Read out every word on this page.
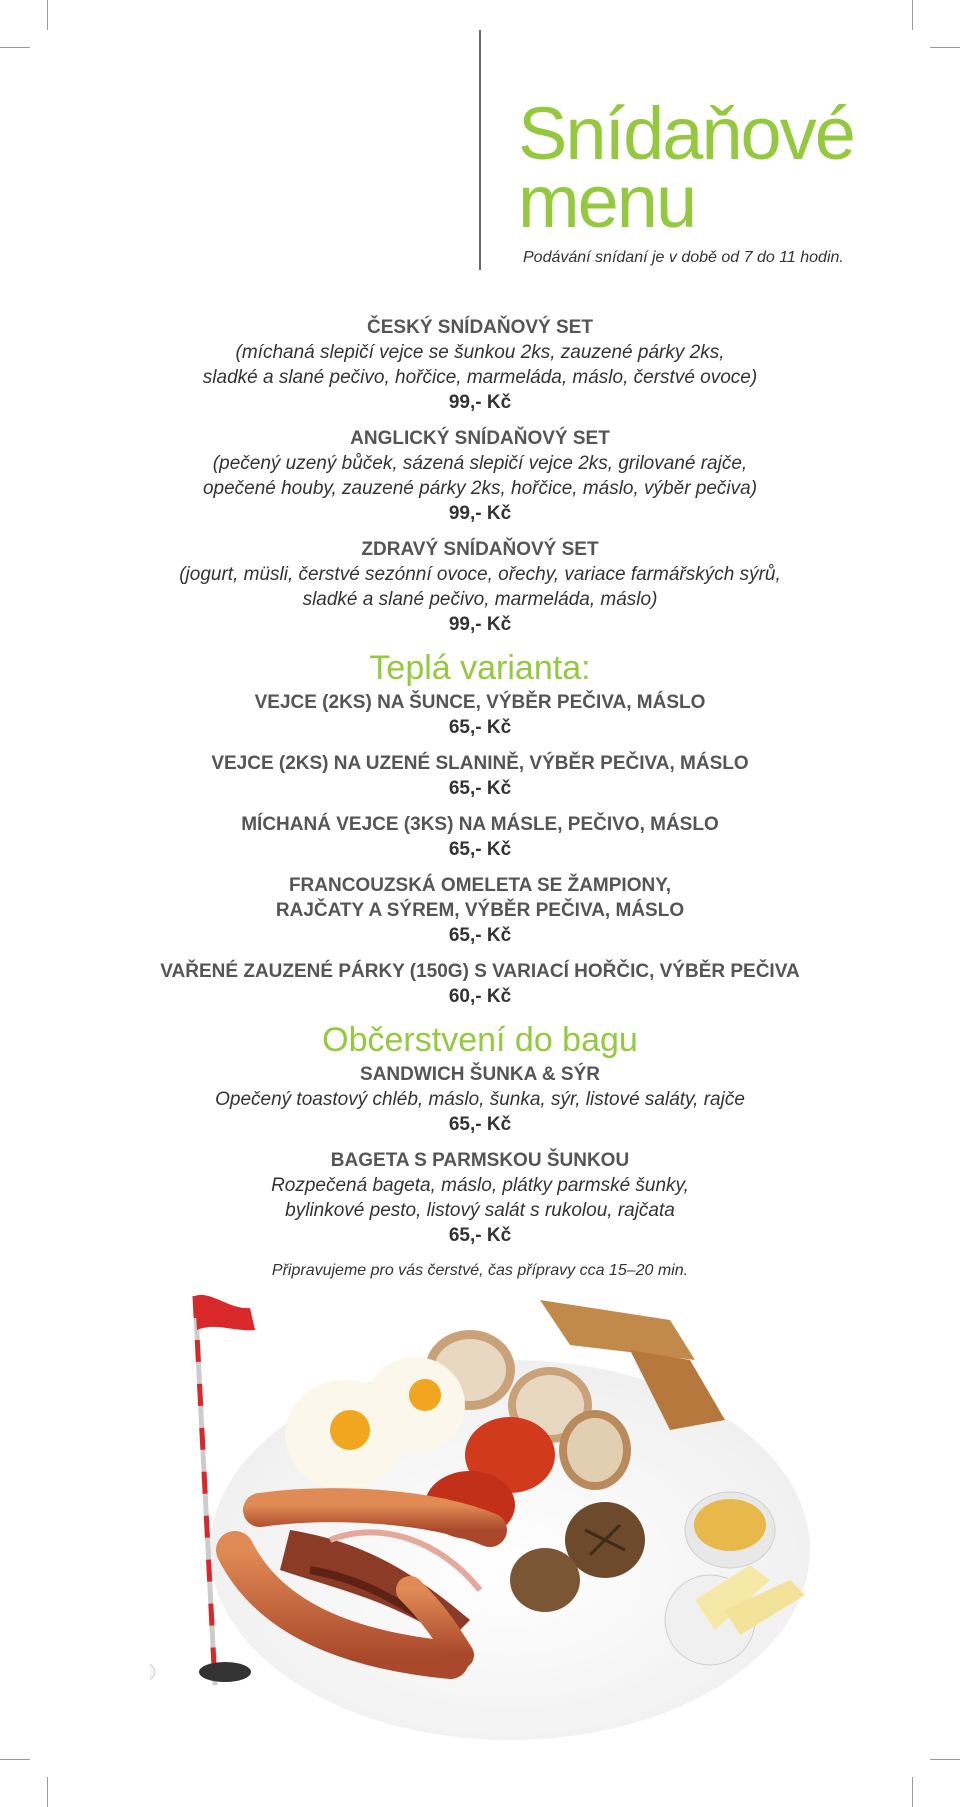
Snídaňové
menu

Podávání snídaní je v době od 7 do 11 hodin.

ČESKÝ SNÍDAŇOVÝ SET
(míchaná slepičí vejce se šunkou 2ks, zauzené párky 2ks,
sladké a slané pečivo, hořčice, marmeláda, máslo, čerstvé ovoce)
99,- Kč
ANGLICKÝ SNÍDAŇOVÝ SET
(pečený uzený bůček, sázená slepičí vejce 2ks, grilované rajče,
opečené houby, zauzené párky 2ks, hořčice, máslo, výběr pečiva)
99,- Kč
ZDRAVÝ SNÍDAŇOVÝ SET
(jogurt, müsli, čerstvé sezónní ovoce, ořechy, variace farmářských sýrů,
sladké a slané pečivo, marmeláda, máslo)
99,- Kč
Teplá varianta:
VEJCE (2KS) NA ŠUNCE, VÝBĚR PEČIVA, MÁSLO
65,- Kč
VEJCE (2KS) NA UZENÉ SLANINĚ, VÝBĚR PEČIVA, MÁSLO
65,- Kč
MÍCHANÁ VEJCE (3KS) NA MÁSLE, PEČIVO, MÁSLO
65,- Kč
FRANCOUZSKÁ OMELETA SE ŽAMPIONY,
RAJČATY A SÝREM, VÝBĚR PEČIVA, MÁSLO
65,- Kč
VAŘENÉ ZAUZENÉ PÁRKY (150G) S VARIACÍ HOŘČIC, VÝBĚR PEČIVA
60,- Kč
Občerstvení do bagu
SANDWICH ŠUNKA & SÝR
Opečený toastový chléb, máslo, šunka, sýr, listové saláty, rajče
65,- Kč
BAGETA S PARMSKOU ŠUNKOU
Rozpečená bageta, máslo, plátky parmské šunky,
bylinkové pesto, listový salát s rukolou, rajčata
65,- Kč
Připravujeme pro vás čerstvé, čas přípravy cca 15–20 min.
